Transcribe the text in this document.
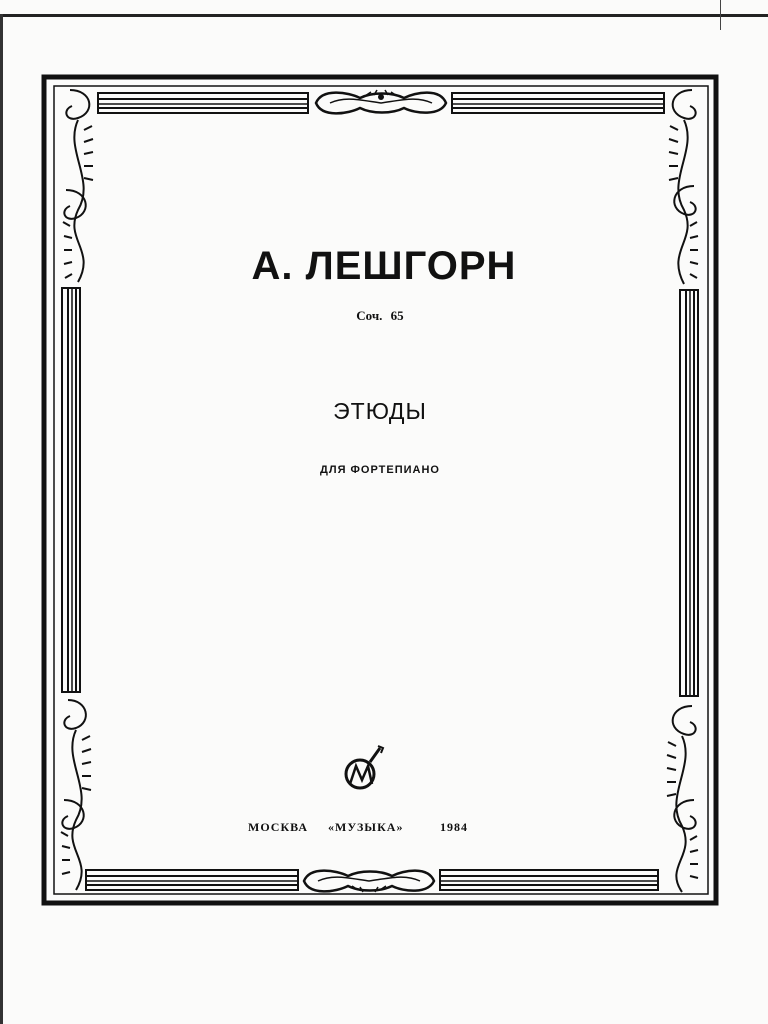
А. ЛЕШГОРН
Соч. 65
ЭТЮДЫ
ДЛЯ ФОРТЕПИАНО
МОСКВА «МУЗЫКА»	1984
